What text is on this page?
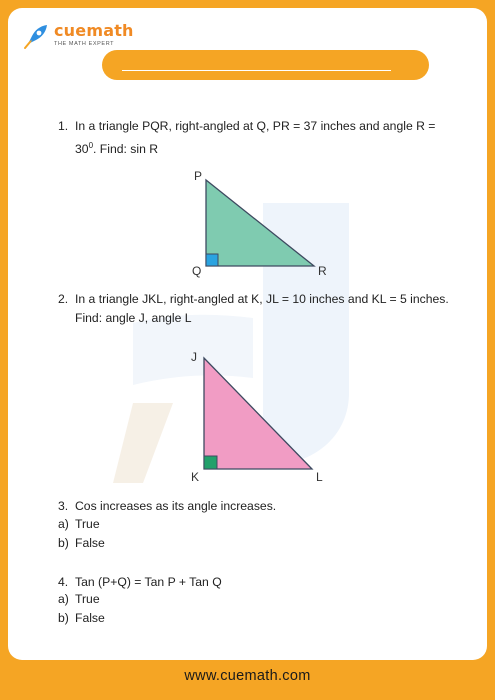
cuemath
THE MATH EXPERT
1. In a triangle PQR, right-angled at Q, PR = 37 inches and angle R =
$30^0$. Find: sin R
P
Q	R
2. In a triangle JKL, right-angled at K, JL = 10 inches and KL = 5 inches.
Find: angle J, angle L
J
K	L
3. Cos increases as its angle increases.
a) True
b) False
4. Tan (P+Q) = Tan P + Tan Q
a) True
b) False
www.cuemath.com
